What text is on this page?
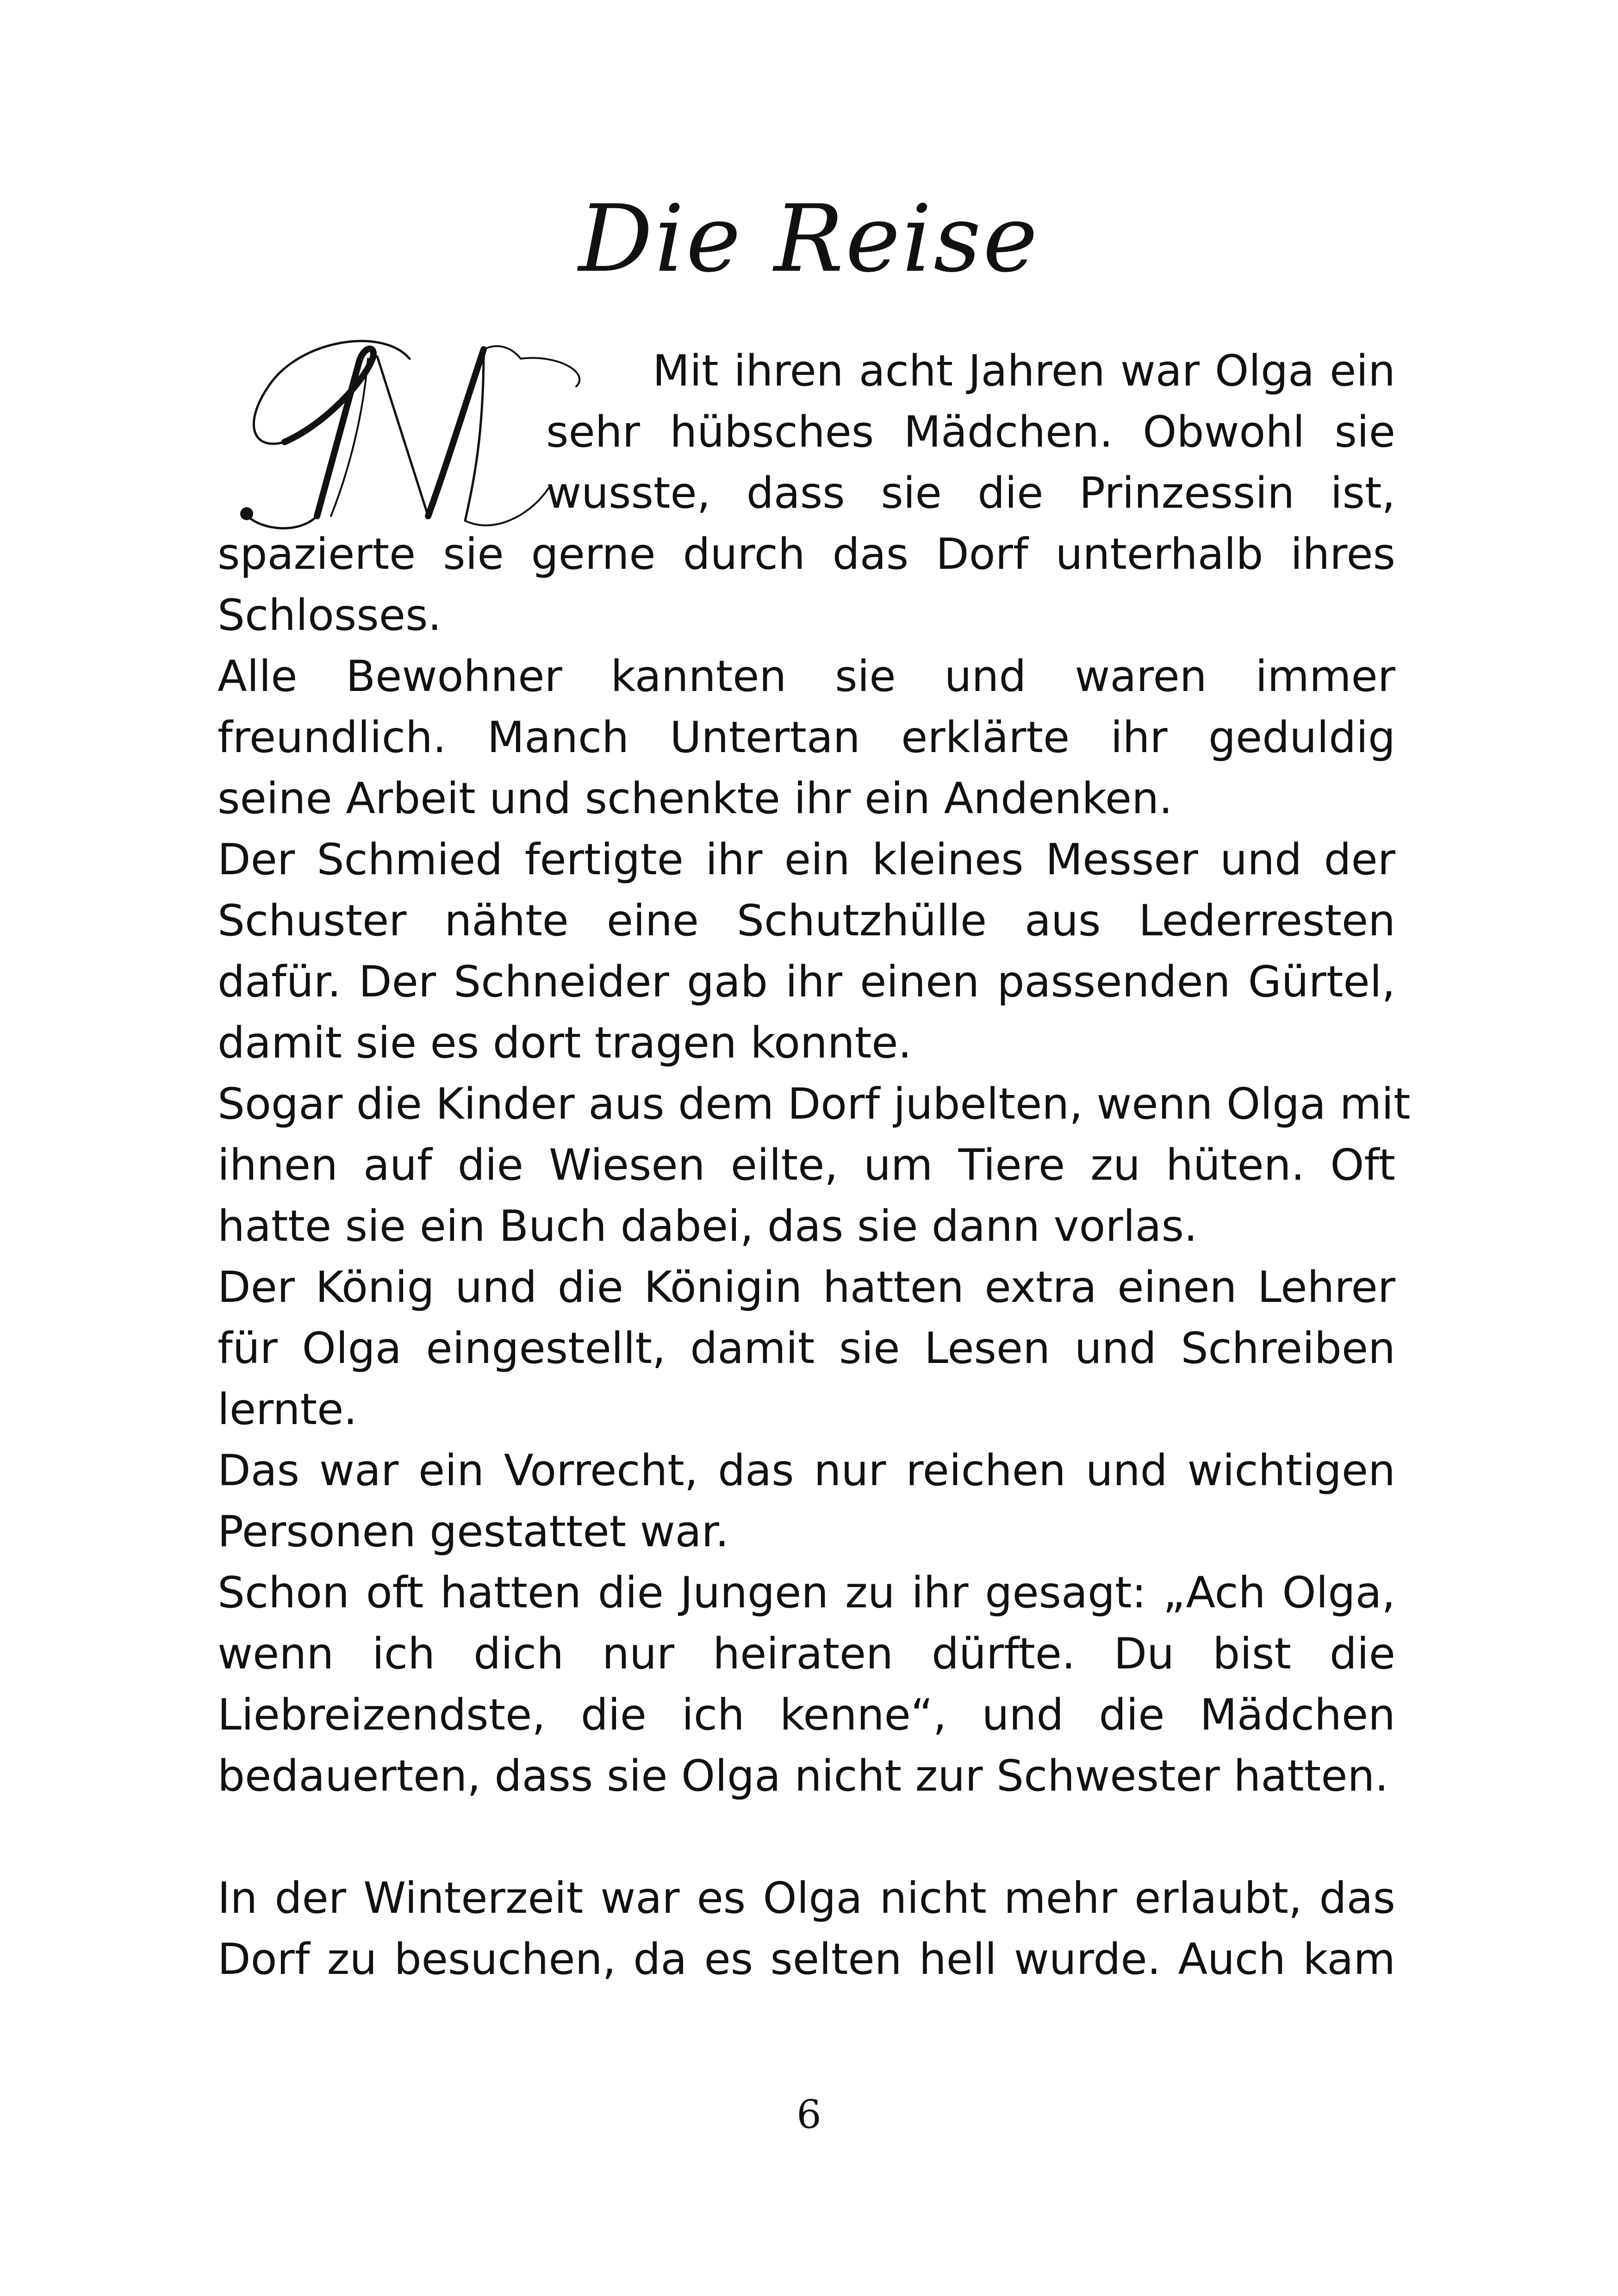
Die Reise
M

Mit ihren acht Jahren war Olga ein

sehr hübsches Mädchen. Obwohl sie

wusste, dass sie die Prinzessin ist,

spazierte sie gerne durch das Dorf unterhalb ihres

Schlosses.

Alle Bewohner kannten sie und waren immer

freundlich. Manch Untertan erklärte ihr geduldig

seine Arbeit und schenkte ihr ein Andenken.

Der Schmied fertigte ihr ein kleines Messer und der

Schuster nähte eine Schutzhülle aus Lederresten

dafür. Der Schneider gab ihr einen passenden Gürtel,

damit sie es dort tragen konnte.

Sogar die Kinder aus dem Dorf jubelten, wenn Olga mit

ihnen auf die Wiesen eilte, um Tiere zu hüten. Oft

hatte sie ein Buch dabei, das sie dann vorlas.

Der König und die Königin hatten extra einen Lehrer

für Olga eingestellt, damit sie Lesen und Schreiben

lernte.

Das war ein Vorrecht, das nur reichen und wichtigen

Personen gestattet war.

Schon oft hatten die Jungen zu ihr gesagt: „Ach Olga,

wenn ich dich nur heiraten dürfte. Du bist die

Liebreizendste, die ich kenne“, und die Mädchen

bedauerten, dass sie Olga nicht zur Schwester hatten.

In der Winterzeit war es Olga nicht mehr erlaubt, das

Dorf zu besuchen, da es selten hell wurde. Auch kam

6
